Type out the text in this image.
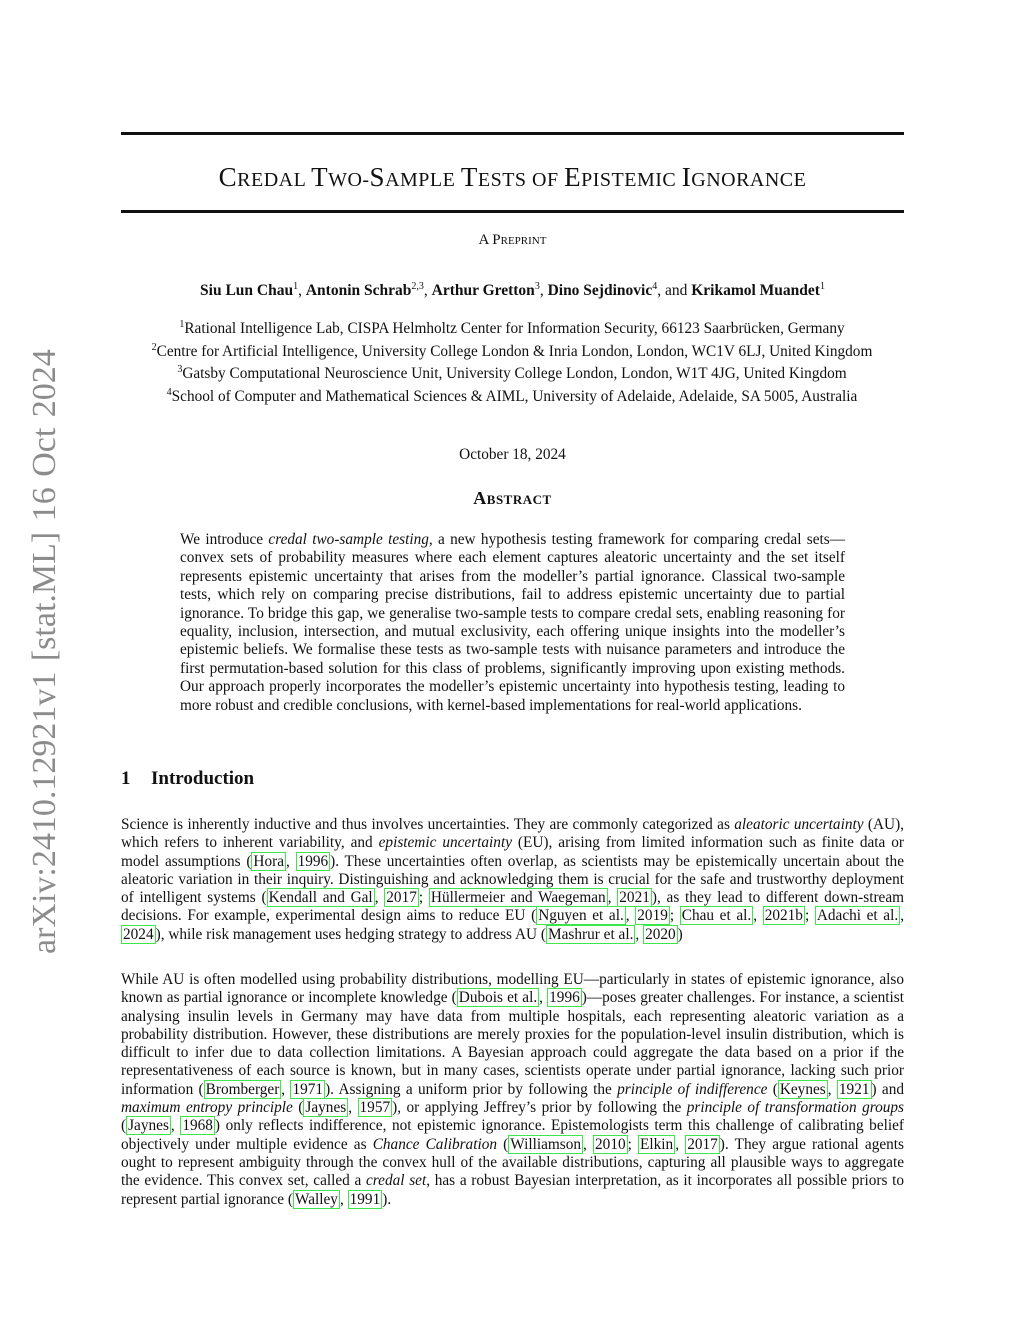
arXiv:2410.12921v1 [stat.ML] 16 Oct 2024
CREDAL TWO-SAMPLE TESTS OF EPISTEMIC IGNORANCE
A PREPRINT
Siu Lun Chau$^1$, Antonin Schrab$^{2,3}$, Arthur Gretton$^3$, Dino Sejdinovic$^4$, and Krikamol Muandet$^1$
$^1$Rational Intelligence Lab, CISPA Helmholtz Center for Information Security, 66123 Saarbrücken, Germany
$^2$Centre for Artificial Intelligence, University College London & Inria London, London, WC1V 6LJ, United Kingdom
$^3$Gatsby Computational Neuroscience Unit, University College London, London, W1T 4JG, United Kingdom
$^4$School of Computer and Mathematical Sciences & AIML, University of Adelaide, Adelaide, SA 5005, Australia
October 18, 2024
ABSTRACT
We introduce credal two-sample testing, a new hypothesis testing framework for comparing credal sets—convex sets of probability measures where each element captures aleatoric uncertainty and the set itself represents epistemic uncertainty that arises from the modeller’s partial ignorance. Classical two-sample tests, which rely on comparing precise distributions, fail to address epistemic uncertainty due to partial ignorance. To bridge this gap, we generalise two-sample tests to compare credal sets, enabling reasoning for equality, inclusion, intersection, and mutual exclusivity, each offering unique insights into the modeller’s epistemic beliefs. We formalise these tests as two-sample tests with nuisance parameters and introduce the first permutation-based solution for this class of problems, significantly improving upon existing methods. Our approach properly incorporates the modeller’s epistemic uncertainty into hypothesis testing, leading to more robust and credible conclusions, with kernel-based implementations for real-world applications.
1 Introduction
Science is inherently inductive and thus involves uncertainties. They are commonly categorized as aleatoric uncertainty (AU), which refers to inherent variability, and epistemic uncertainty (EU), arising from limited information such as finite data or model assumptions ( Hora , 1996 ). These uncertainties often overlap, as scientists may be epistemically uncertain about the aleatoric variation in their inquiry. Distinguishing and acknowledging them is crucial for the safe and trustworthy deployment of intelligent systems ( Kendall and Gal , 2017 ; Hüllermeier and Waegeman , 2021 ), as they lead to different down-stream decisions. For example, experimental design aims to reduce EU ( Nguyen et al. , 2019 ; Chau et al. , 2021b ; Adachi et al. , 2024 ), while risk management uses hedging strategy to address AU ( Mashrur et al. , 2020 )
While AU is often modelled using probability distributions, modelling EU—particularly in states of epistemic ignorance, also known as partial ignorance or incomplete knowledge ( Dubois et al. , 1996 )—poses greater challenges. For instance, a scientist analysing insulin levels in Germany may have data from multiple hospitals, each representing aleatoric variation as a probability distribution. However, these distributions are merely proxies for the population-level insulin distribution, which is difficult to infer due to data collection limitations. A Bayesian approach could aggregate the data based on a prior if the representativeness of each source is known, but in many cases, scientists operate under partial ignorance, lacking such prior information ( Bromberger , 1971 ). Assigning a uniform prior by following the principle of indifference ( Keynes , 1921 ) and maximum entropy principle ( Jaynes , 1957 ), or applying Jeffrey’s prior by following the principle of transformation groups ( Jaynes , 1968 ) only reflects indifference, not epistemic ignorance. Epistemologists term this challenge of calibrating belief objectively under multiple evidence as Chance Calibration ( Williamson , 2010 ; Elkin , 2017 ). They argue rational agents ought to represent ambiguity through the convex hull of the available distributions, capturing all plausible ways to aggregate the evidence. This convex set, called a credal set, has a robust Bayesian interpretation, as it incorporates all possible priors to represent partial ignorance ( Walley , 1991 ).
